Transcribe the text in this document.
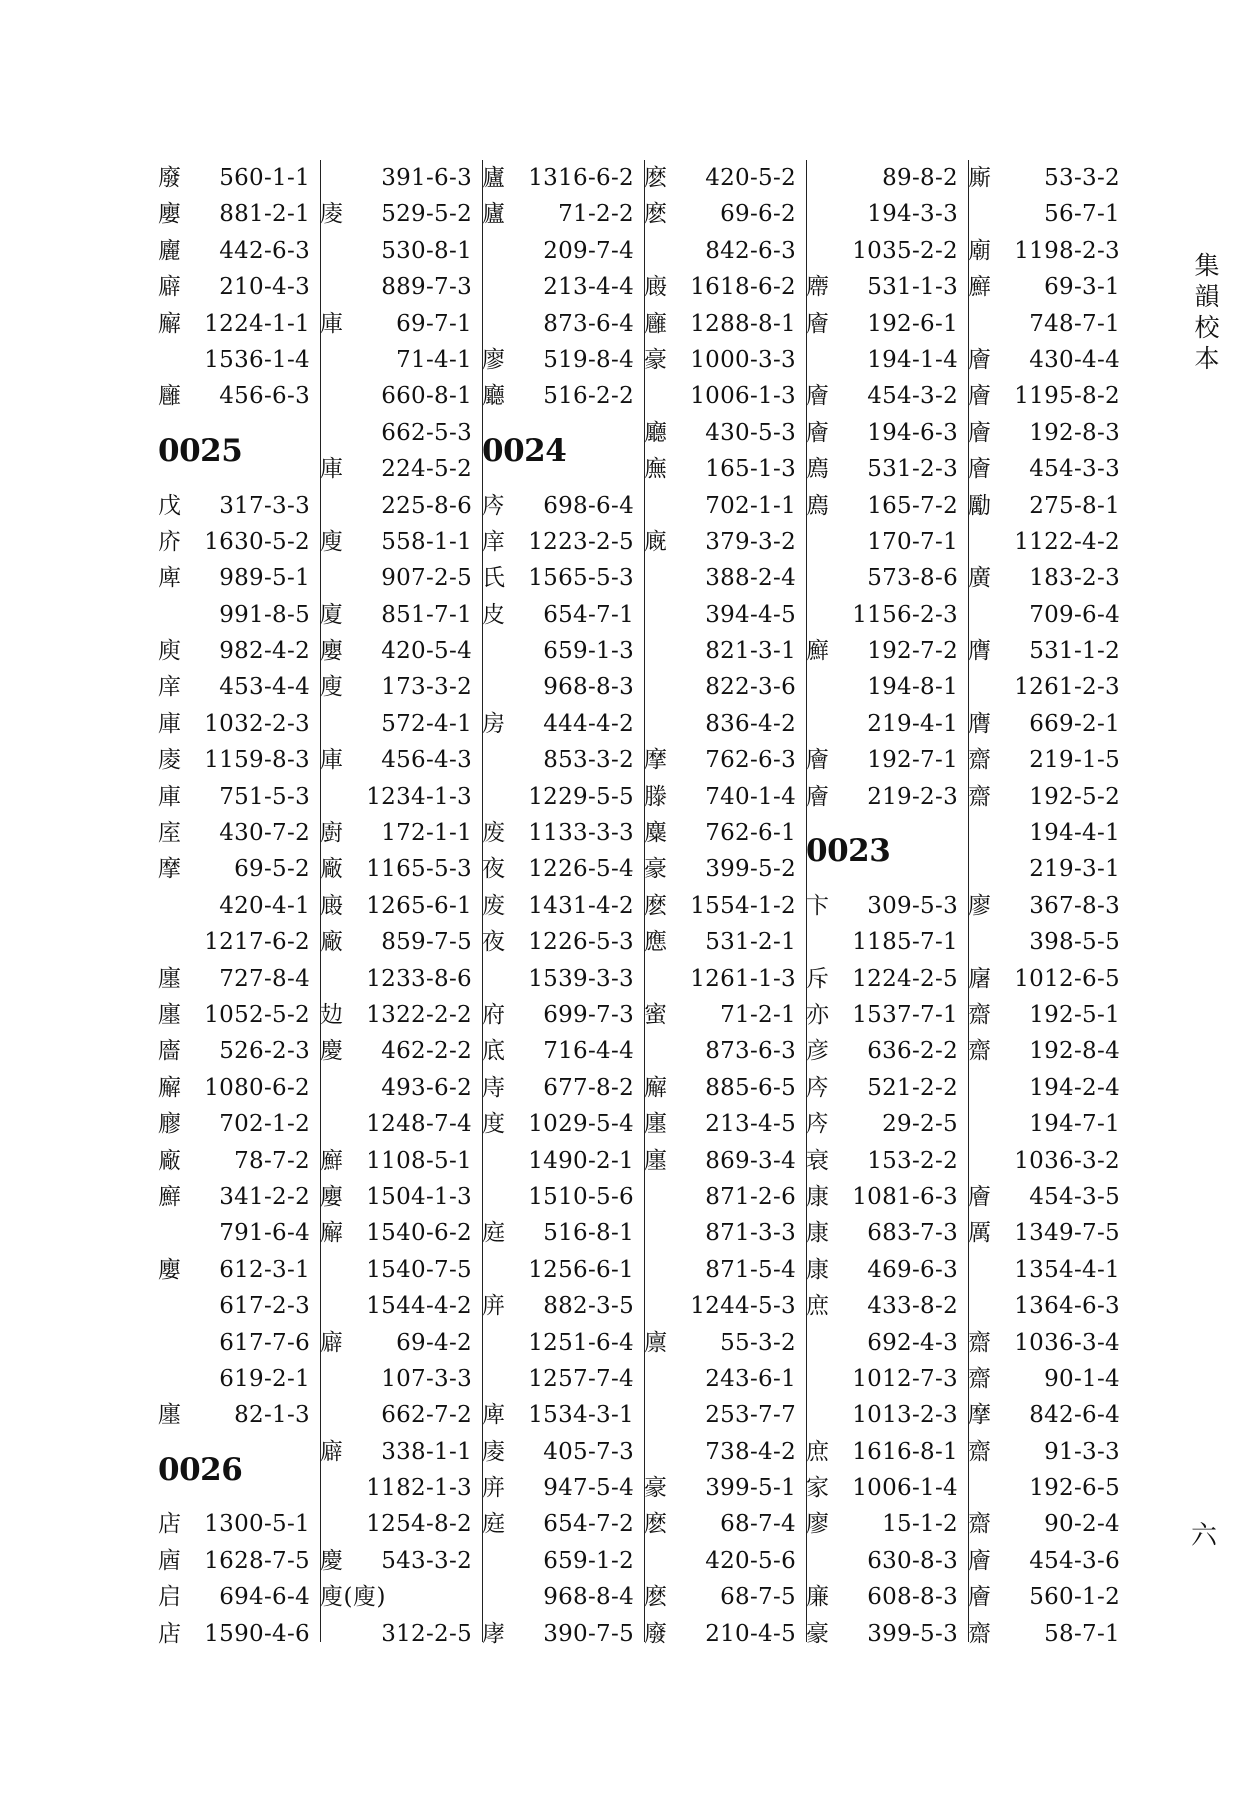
廢	560-1-1
廮	881-2-1
廲	442-6-3
廦	210-4-3
廨	1224-1-1
1536-1-4
廱	456-6-3
0025
戊	317-3-3
庎	1630-5-2
庳	989-5-1
991-8-5
庾	982-4-2
庠	453-4-4
庫	1032-2-3
庱	1159-8-3
庫	751-5-3
庢	430-7-2
摩	69-5-2
420-4-1
1217-6-2
廛	727-8-4
廛	1052-5-2
廧	526-2-3
廨	1080-6-2
廫	702-1-2
廠	78-7-2
廯	341-2-2
791-6-4
廮	612-3-1
617-2-3
617-7-6
619-2-1
廛	82-1-3
0026
店	1300-5-1
庮	1628-7-5
启	694-6-4
店	1590-4-6
391-6-3
庱	529-5-2
530-8-1
889-7-3
庫	69-7-1
71-4-1
660-8-1
662-5-3
庫	224-5-2
225-8-6
廋	558-1-1
907-2-5
廈	851-7-1
廮	420-5-4
廋	173-3-2
572-4-1
庫	456-4-3
1234-1-3
廚	172-1-1
廠	1165-5-3
廄	1265-6-1
廠	859-7-5
1233-8-6
攰	1322-2-2
慶	462-2-2
493-6-2
1248-7-4
廯	1108-5-1
廮	1504-1-3
廨	1540-6-2
1540-7-5
1544-4-2
廦	69-4-2
107-3-3
662-7-2
廦	338-1-1
1182-1-3
1254-8-2
慶	543-3-2
廋(廋)
312-2-5
廬	1316-6-2
廬	71-2-2
209-7-4
213-4-4
873-6-4
廖	519-8-4
廳	516-2-2
0024
庈	698-6-4
庠	1223-2-5
氏	1565-5-3
皮	654-7-1
659-1-3
968-8-3
房	444-4-2
853-3-2
1229-5-5
废	1133-3-3
夜	1226-5-4
废	1431-4-2
夜	1226-5-3
1539-3-3
府	699-7-3
底	716-4-4
庤	677-8-2
度	1029-5-4
1490-2-1
1510-5-6
庭	516-8-1
1256-6-1
庰	882-3-5
1251-6-4
1257-7-4
庳	1534-3-1
庱	405-7-3
庰	947-5-4
庭	654-7-2
659-1-2
968-8-4
庨	390-7-5
麽	420-5-2
麽	69-6-2
842-6-3
廄	1618-6-2
廱	1288-8-1
豪	1000-3-3
1006-1-3
廳	430-5-3
廡	165-1-3
702-1-1
廐	379-3-2
388-2-4
394-4-5
821-3-1
822-3-6
836-4-2
摩	762-6-3
滕	740-1-4
麋	762-6-1
豪	399-5-2
麽	1554-1-2
應	531-2-1
1261-1-3
蜜	71-2-1
873-6-3
廨	885-6-5
廛	213-4-5
廛	869-3-4
871-2-6
871-3-3
871-5-4
1244-5-3
廪	55-3-2
243-6-1
253-7-7
738-4-2
豪	399-5-1
麽	68-7-4
420-5-6
麽	68-7-5
廢	210-4-5
89-8-2
194-3-3
1035-2-2
廗	531-1-3
廥	192-6-1
194-1-4
廥	454-3-2
廥	194-6-3
廌	531-2-3
廌	165-7-2
170-7-1
573-8-6
1156-2-3
廯	192-7-2
194-8-1
219-4-1
廥	192-7-1
廥	219-2-3
0023
卞	309-5-3
1185-7-1
斥	1224-2-5
亦	1537-7-1
彦	636-2-2
庈	521-2-2
庈	29-2-5
衰	153-2-2
康	1081-6-3
康	683-7-3
康	469-6-3
庶	433-8-2
692-4-3
1012-7-3
1013-2-3
庶	1616-8-1
家	1006-1-4
廖	15-1-2
630-8-3
廉	608-8-3
豪	399-5-3
廝	53-3-2
56-7-1
廟	1198-2-3
廯	69-3-1
748-7-1
廥	430-4-4
廥	1195-8-2
廥	192-8-3
廥	454-3-3
勵	275-8-1
1122-4-2
廣	183-2-3
709-6-4
膺	531-1-2
1261-2-3
膺	669-2-1
齋	219-1-5
齋	192-5-2
194-4-1
219-3-1
廖	367-8-3
398-5-5
廜	1012-6-5
齋	192-5-1
齋	192-8-4
194-2-4
194-7-1
1036-3-2
廥	454-3-5
厲	1349-7-5
1354-4-1
1364-6-3
齋	1036-3-4
齋	90-1-4
摩	842-6-4
齋	91-3-3
192-6-5
齋	90-2-4
廥	454-3-6
廥	560-1-2
齋	58-7-1
集韻校本
六
